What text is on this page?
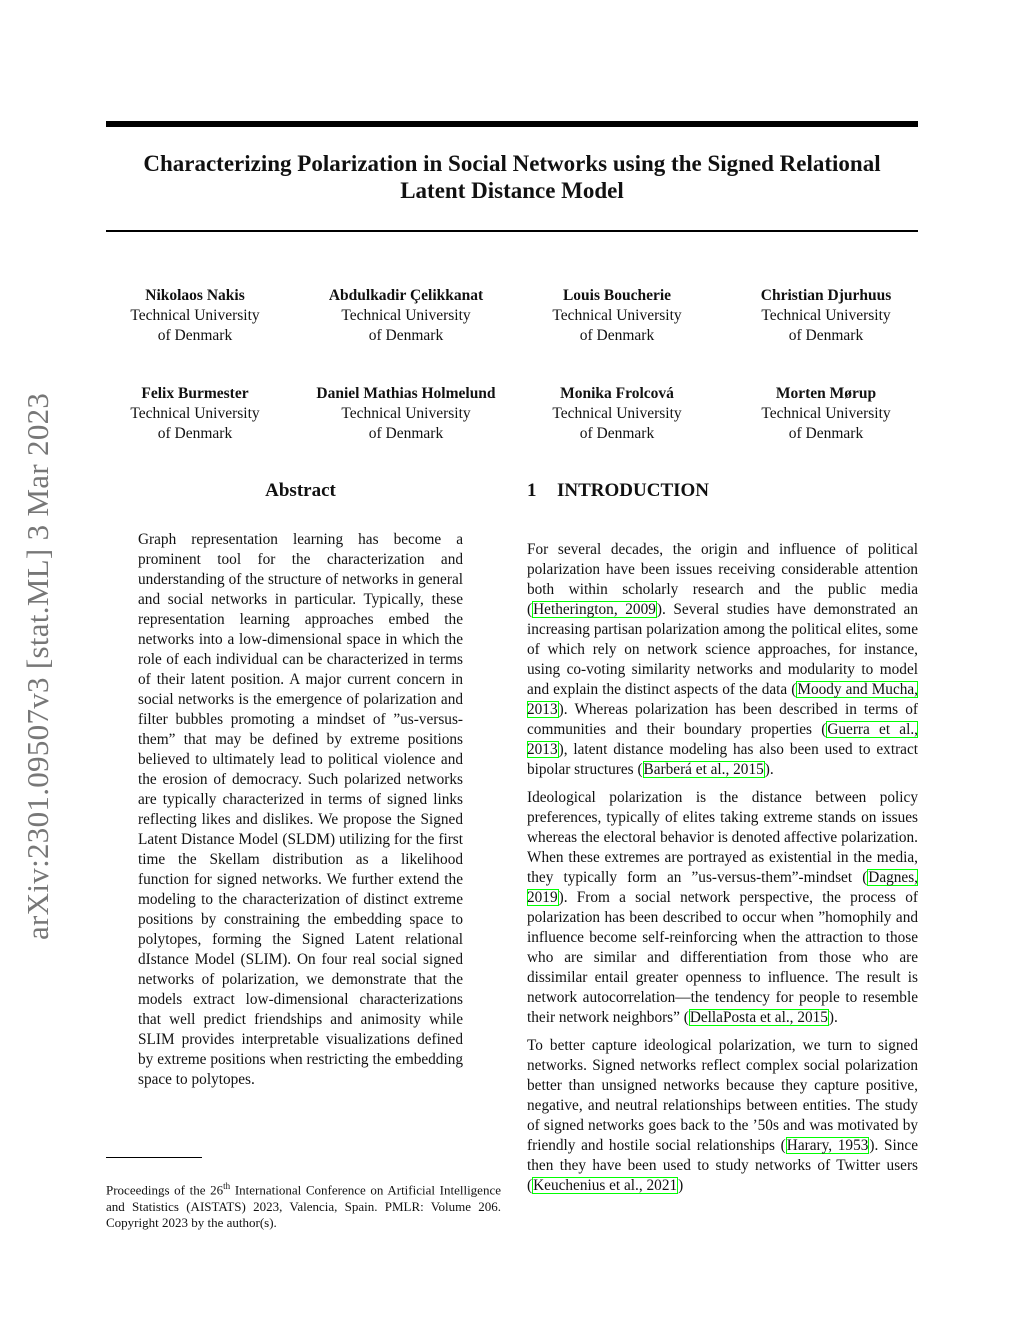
Characterizing Polarization in Social Networks using the Signed Relational
Latent Distance Model
arXiv:2301.09507v3 [stat.ML] 3 Mar 2023
Nikolaos Nakis
Technical University
of Denmark
Abdulkadir Çelikkanat
Technical University
of Denmark
Louis Boucherie
Technical University
of Denmark
Christian Djurhuus
Technical University
of Denmark
Felix Burmester
Technical University
of Denmark
Daniel Mathias Holmelund
Technical University
of Denmark
Monika Frolcová
Technical University
of Denmark
Morten Mørup
Technical University
of Denmark
Abstract
Graph representation learning has become a prominent tool for the characterization and understanding of the structure of networks in general and social networks in particular. Typically, these representation learning approaches embed the networks into a low-dimensional space in which the role of each individual can be characterized in terms of their latent position. A major current concern in social networks is the emergence of polarization and filter bubbles promoting a mindset of ”us-versus-them” that may be defined by extreme positions believed to ultimately lead to political violence and the erosion of democracy. Such polarized networks are typically characterized in terms of signed links reflecting likes and dislikes. We propose the Signed Latent Distance Model (SLDM) utilizing for the first time the Skellam distribution as a likelihood function for signed networks. We further extend the modeling to the characterization of distinct extreme positions by constraining the embedding space to polytopes, forming the Signed Latent relational dIstance Model (SLIM). On four real social signed networks of polarization, we demonstrate that the models extract low-dimensional characterizations that well predict friendships and animosity while SLIM provides interpretable visualizations defined by extreme positions when restricting the embedding space to polytopes.
Proceedings of the 26th International Conference on Artificial Intelligence and Statistics (AISTATS) 2023, Valencia, Spain. PMLR: Volume 206. Copyright 2023 by the author(s).
1 INTRODUCTION

For several decades, the origin and influence of political polarization have been issues receiving considerable attention both within scholarly research and the public media (Hetherington, 2009). Several studies have demonstrated an increasing partisan polarization among the political elites, some of which rely on network science approaches, for instance, using co-voting similarity networks and modularity to model and explain the distinct aspects of the data (Moody and Mucha, 2013). Whereas polarization has been described in terms of communities and their boundary properties (Guerra et al., 2013), latent distance modeling has also been used to extract bipolar structures (Barberá et al., 2015).

Ideological polarization is the distance between policy preferences, typically of elites taking extreme stands on issues whereas the electoral behavior is denoted affective polarization. When these extremes are portrayed as existential in the media, they typically form an ”us-versus-them”-mindset (Dagnes, 2019). From a social network perspective, the process of polarization has been described to occur when ”homophily and influence become self-reinforcing when the attraction to those who are similar and differentiation from those who are dissimilar entail greater openness to influence. The result is network autocorrelation—the tendency for people to resemble their network neighbors” (DellaPosta et al., 2015).

To better capture ideological polarization, we turn to signed networks. Signed networks reflect complex social polarization better than unsigned networks because they capture positive, negative, and neutral relationships between entities. The study of signed networks goes back to the ’50s and was motivated by friendly and hostile social relationships (Harary, 1953). Since then they have been used to study networks of Twitter users (Keuchenius et al., 2021)
